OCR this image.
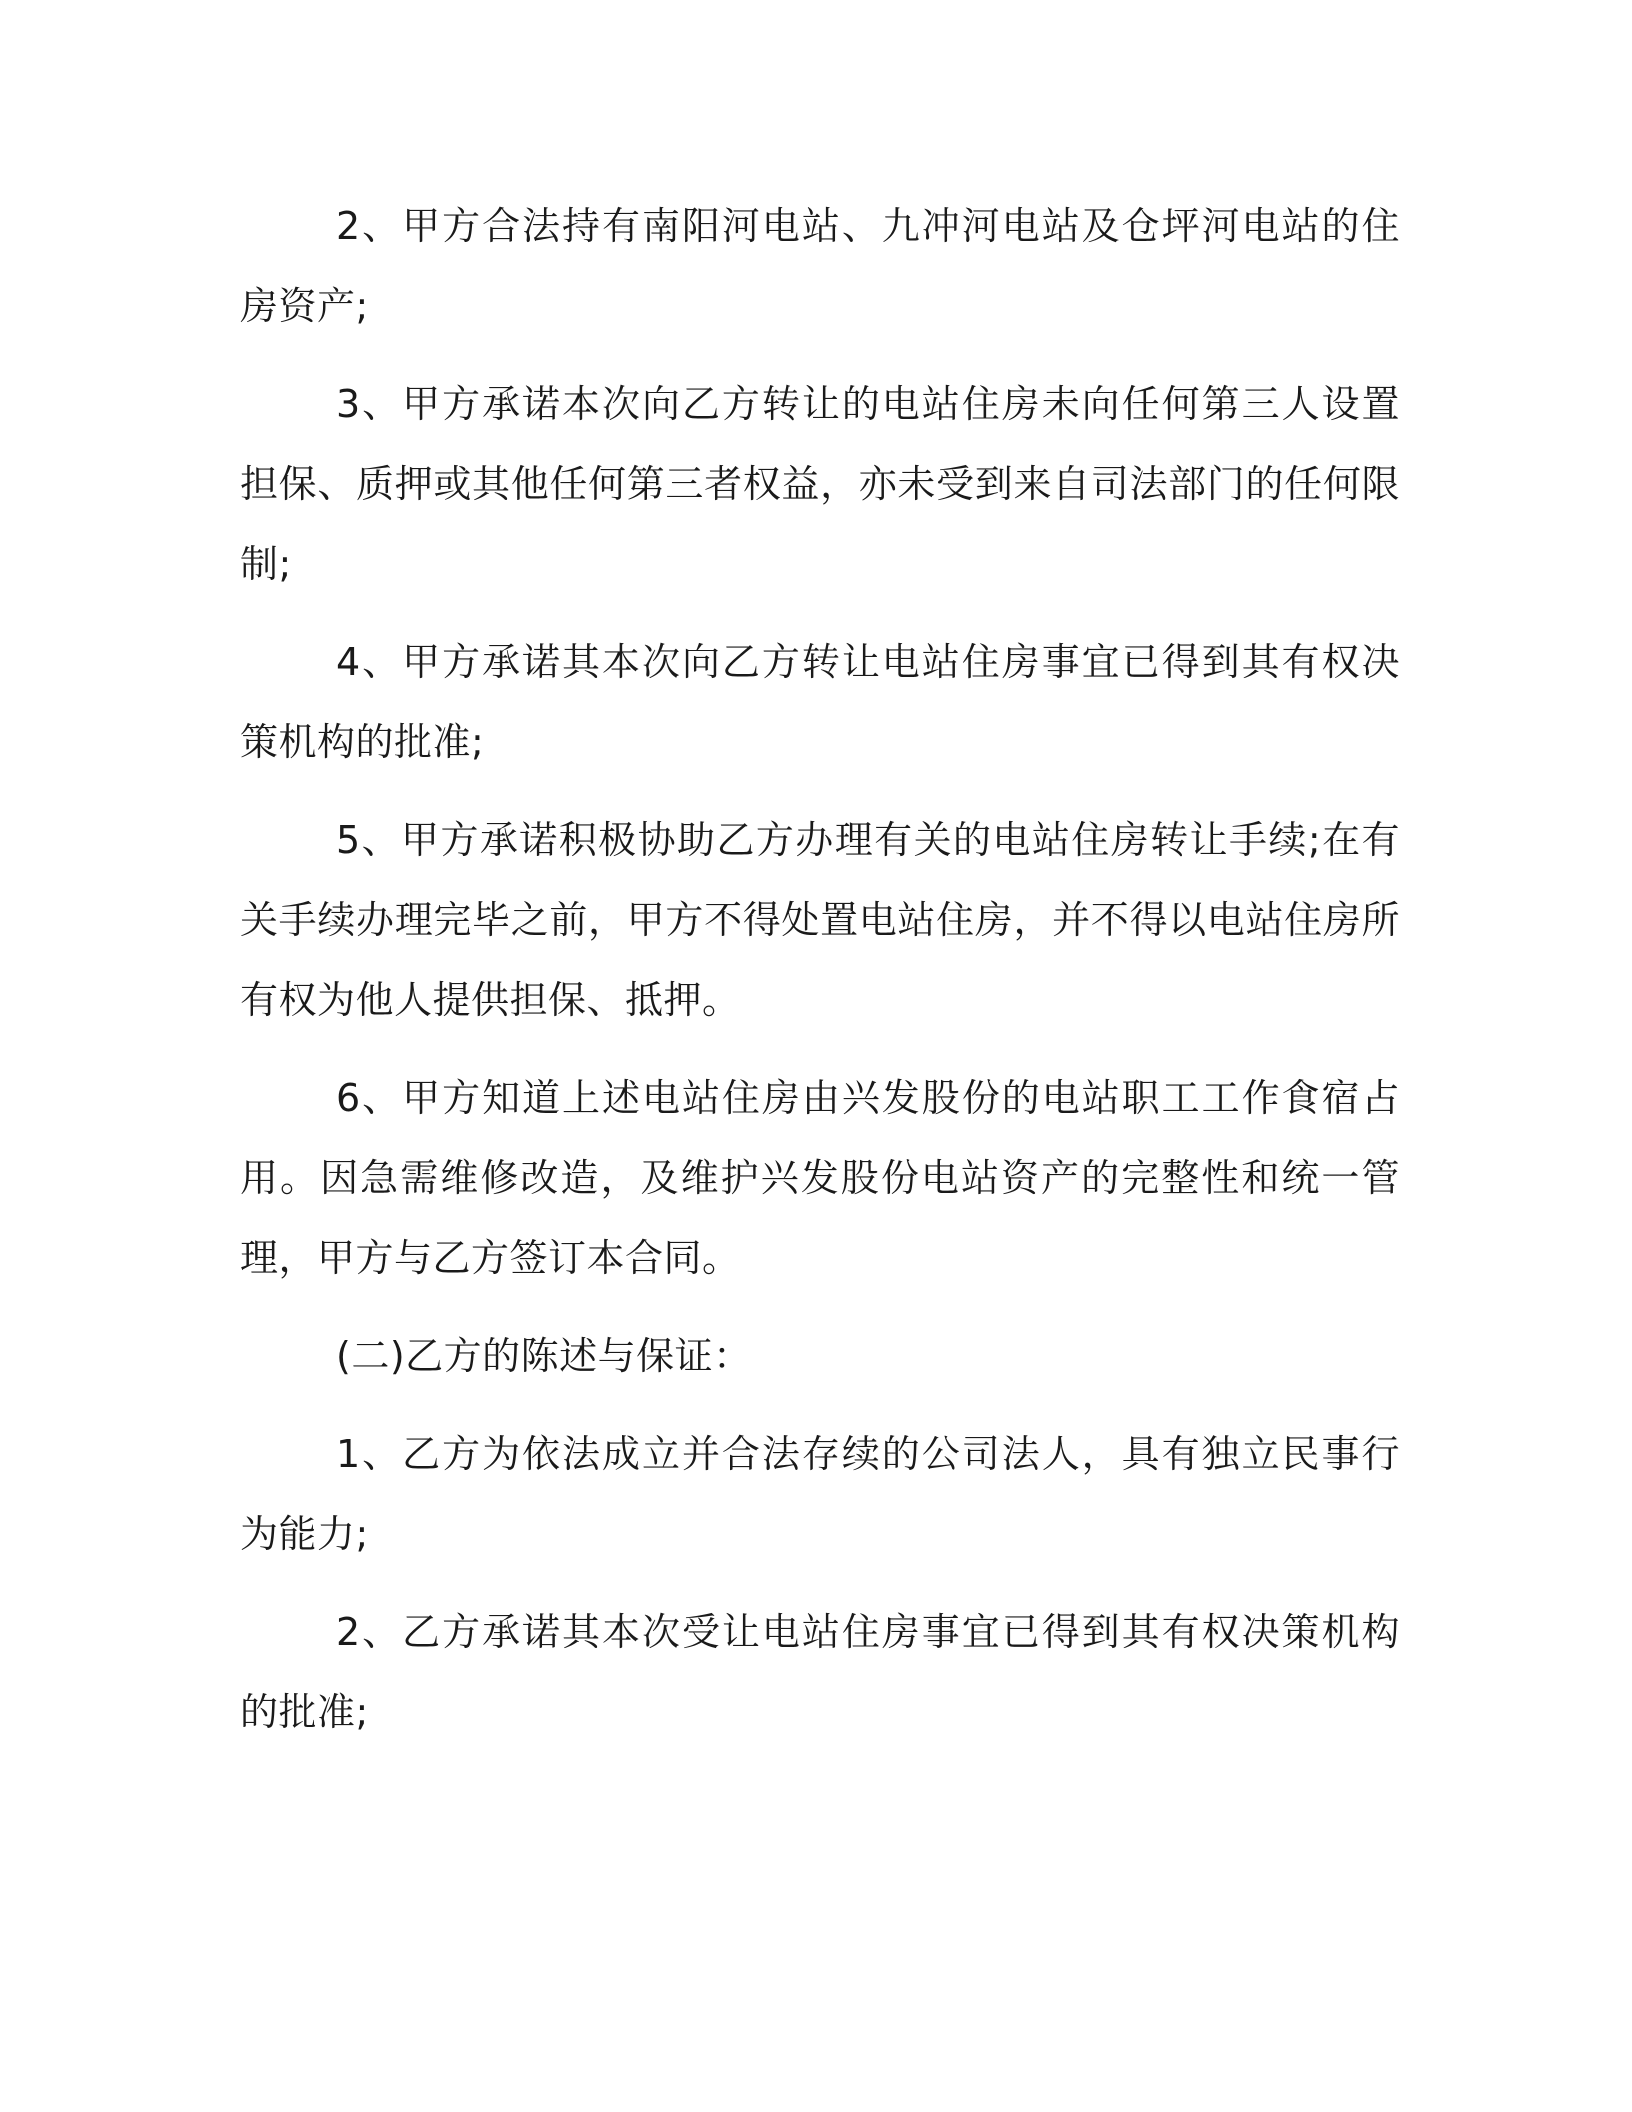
2、甲方合法持有南阳河电站、九冲河电站及仓坪河电站的住房资产;

3、甲方承诺本次向乙方转让的电站住房未向任何第三人设置担保、质押或其他任何第三者权益，亦未受到来自司法部门的任何限制;

4、甲方承诺其本次向乙方转让电站住房事宜已得到其有权决策机构的批准;

5、甲方承诺积极协助乙方办理有关的电站住房转让手续;在有关手续办理完毕之前，甲方不得处置电站住房，并不得以电站住房所有权为他人提供担保、抵押。

6、甲方知道上述电站住房由兴发股份的电站职工工作食宿占用。因急需维修改造，及维护兴发股份电站资产的完整性和统一管理，甲方与乙方签订本合同。

(二)乙方的陈述与保证：

1、乙方为依法成立并合法存续的公司法人，具有独立民事行为能力;

2、乙方承诺其本次受让电站住房事宜已得到其有权决策机构的批准;
